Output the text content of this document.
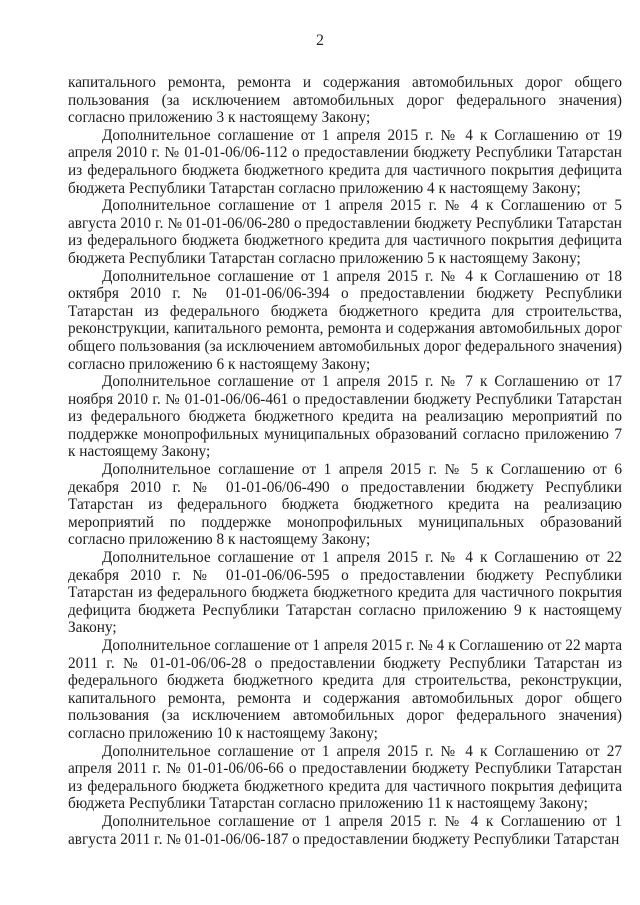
2

капитального ремонта, ремонта и содержания автомобильных дорог общего пользования (за исключением автомобильных дорог федерального значения) согласно приложению 3 к настоящему Закону;

Дополнительное соглашение от 1 апреля 2015 г. № 4 к Соглашению от 19 апреля 2010 г. № 01-01-06/06-112 о предоставлении бюджету Республики Татарстан из федерального бюджета бюджетного кредита для частичного покрытия дефицита бюджета Республики Татарстан согласно приложению 4 к настоящему Закону;

Дополнительное соглашение от 1 апреля 2015 г. № 4 к Соглашению от 5 августа 2010 г. № 01-01-06/06-280 о предоставлении бюджету Республики Татарстан из федерального бюджета бюджетного кредита для частичного покрытия дефицита бюджета Республики Татарстан согласно приложению 5 к настоящему Закону;

Дополнительное соглашение от 1 апреля 2015 г. № 4 к Соглашению от 18 октября 2010 г. № 01-01-06/06-394 о предоставлении бюджету Республики Татарстан из федерального бюджета бюджетного кредита для строительства, реконструкции, капитального ремонта, ремонта и содержания автомобильных дорог общего пользования (за исключением автомобильных дорог федерального значения) согласно приложению 6 к настоящему Закону;

Дополнительное соглашение от 1 апреля 2015 г. № 7 к Соглашению от 17 ноября 2010 г. № 01-01-06/06-461 о предоставлении бюджету Республики Татарстан из федерального бюджета бюджетного кредита на реализацию мероприятий по поддержке монопрофильных муниципальных образований согласно приложению 7 к настоящему Закону;

Дополнительное соглашение от 1 апреля 2015 г. № 5 к Соглашению от 6 декабря 2010 г. № 01-01-06/06-490 о предоставлении бюджету Республики Татарстан из федерального бюджета бюджетного кредита на реализацию мероприятий по поддержке монопрофильных муниципальных образований согласно приложению 8 к настоящему Закону;

Дополнительное соглашение от 1 апреля 2015 г. № 4 к Соглашению от 22 декабря 2010 г. № 01-01-06/06-595 о предоставлении бюджету Республики Татарстан из федерального бюджета бюджетного кредита для частичного покрытия дефицита бюджета Республики Татарстан согласно приложению 9 к настоящему Закону;

Дополнительное соглашение от 1 апреля 2015 г. № 4 к Соглашению от 22 марта 2011 г. № 01-01-06/06-28 о предоставлении бюджету Республики Татарстан из федерального бюджета бюджетного кредита для строительства, реконструкции, капитального ремонта, ремонта и содержания автомобильных дорог общего пользования (за исключением автомобильных дорог федерального значения) согласно приложению 10 к настоящему Закону;

Дополнительное соглашение от 1 апреля 2015 г. № 4 к Соглашению от 27 апреля 2011 г. № 01-01-06/06-66 о предоставлении бюджету Республики Татарстан из федерального бюджета бюджетного кредита для частичного покрытия дефицита бюджета Республики Татарстан согласно приложению 11 к настоящему Закону;

Дополнительное соглашение от 1 апреля 2015 г. № 4 к Соглашению от 1 августа 2011 г. № 01-01-06/06-187 о предоставлении бюджету Республики Татарстан
